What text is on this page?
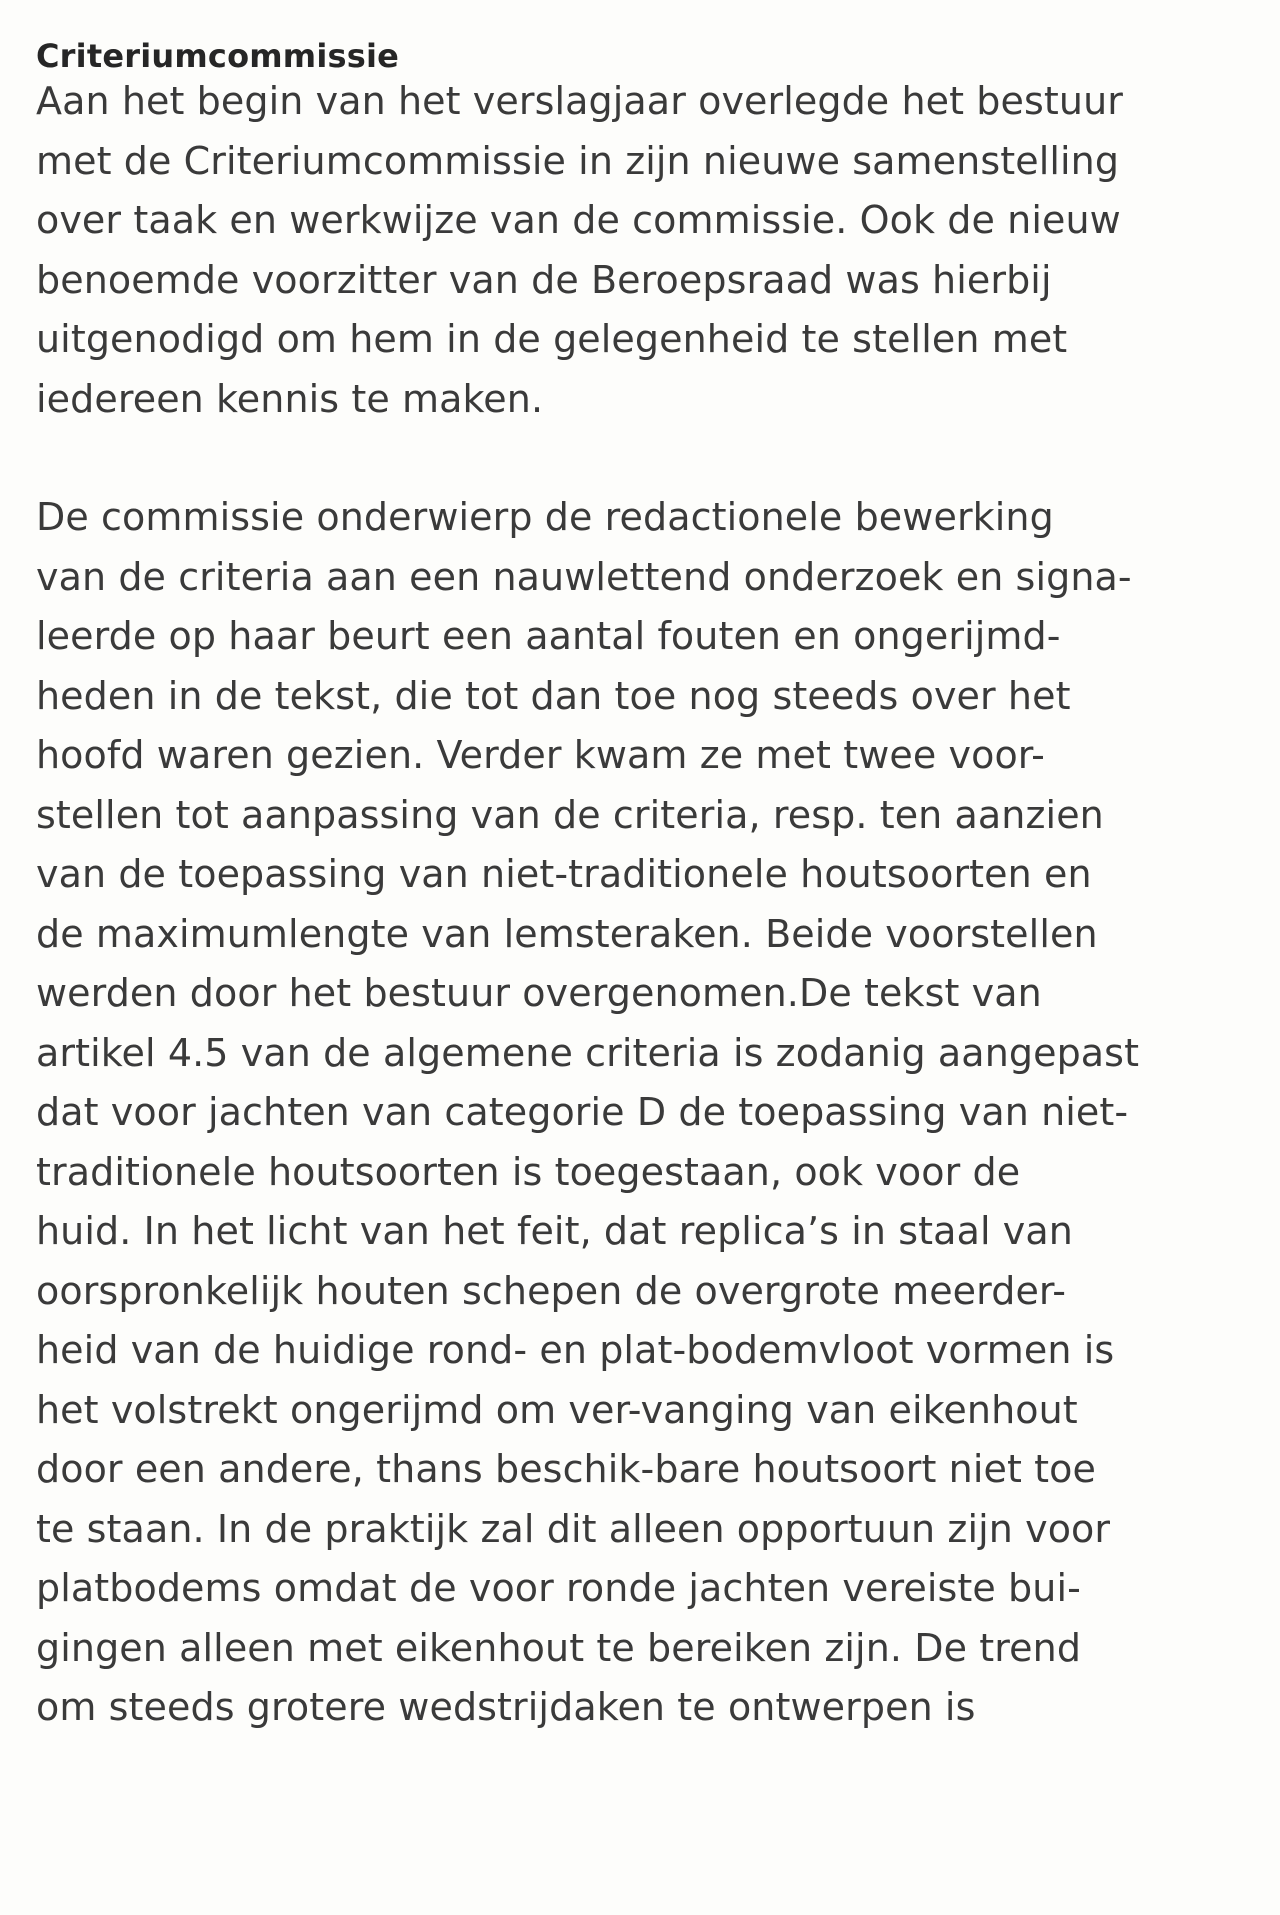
Criteriumcommissie
Aan het begin van het verslagjaar overlegde het bestuur
met de Criteriumcommissie in zijn nieuwe samenstelling
over taak en werkwijze van de commissie. Ook de nieuw
benoemde voorzitter van de Beroepsraad was hierbij
uitgenodigd om hem in de gelegenheid te stellen met
iedereen kennis te maken.
De commissie onderwierp de redactionele bewerking
van de criteria aan een nauwlettend onderzoek en signa-
leerde op haar beurt een aantal fouten en ongerijmd-
heden in de tekst, die tot dan toe nog steeds over het
hoofd waren gezien. Verder kwam ze met twee voor-
stellen tot aanpassing van de criteria, resp. ten aanzien
van de toepassing van niet-traditionele houtsoorten en
de maximumlengte van lemsteraken. Beide voorstellen
werden door het bestuur overgenomen.De tekst van
artikel 4.5 van de algemene criteria is zodanig aangepast
dat voor jachten van categorie D de toepassing van niet-
traditionele houtsoorten is toegestaan, ook voor de
huid. In het licht van het feit, dat replica’s in staal van
oorspronkelijk houten schepen de overgrote meerder-
heid van de huidige rond- en plat-bodemvloot vormen is
het volstrekt ongerijmd om ver-vanging van eikenhout
door een andere, thans beschik-bare houtsoort niet toe
te staan. In de praktijk zal dit alleen opportuun zijn voor
platbodems omdat de voor ronde jachten vereiste bui-
gingen alleen met eikenhout te bereiken zijn. De trend
om steeds grotere wedstrijdaken te ontwerpen is
